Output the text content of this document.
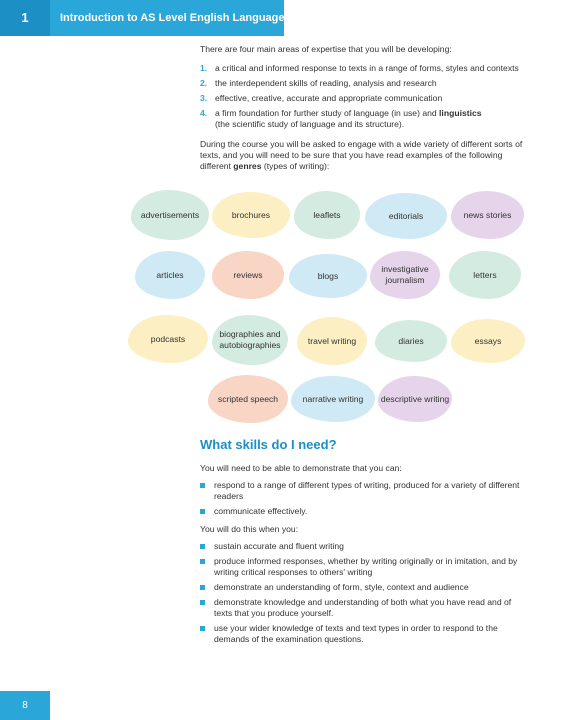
1	Introduction to AS Level English Language

There are four main areas of expertise that you will be developing:

1. a critical and informed response to texts in a range of forms, styles and contexts
2. the interdependent skills of reading, analysis and research
3. effective, creative, accurate and appropriate communication
4. a firm foundation for further study of language (in use) and linguistics
(the scientific study of language and its structure).

During the course you will be asked to engage with a wide variety of different sorts of texts, and you will need to be sure that you have read examples of the following different genres (types of writing):

advertisements	brochures	leaflets	editorials	news stories
articles	reviews	blogs
investigative journalism
letters
podcasts	biographies and autobiographies	travel writing	diaries	essays
scripted speech	narrative writing	descriptive writing
What skills do I need?

You will need to be able to demonstrate that you can:

respond to a range of different types of writing, produced for a variety of different readers
communicate effectively.

You will do this when you:

sustain accurate and fluent writing
produce informed responses, whether by writing originally or in imitation, and by writing critical responses to others' writing
demonstrate an understanding of form, style, context and audience
demonstrate knowledge and understanding of both what you have read and of texts that you produce yourself.
use your wider knowledge of texts and text types in order to respond to the demands of the examination questions.
8
